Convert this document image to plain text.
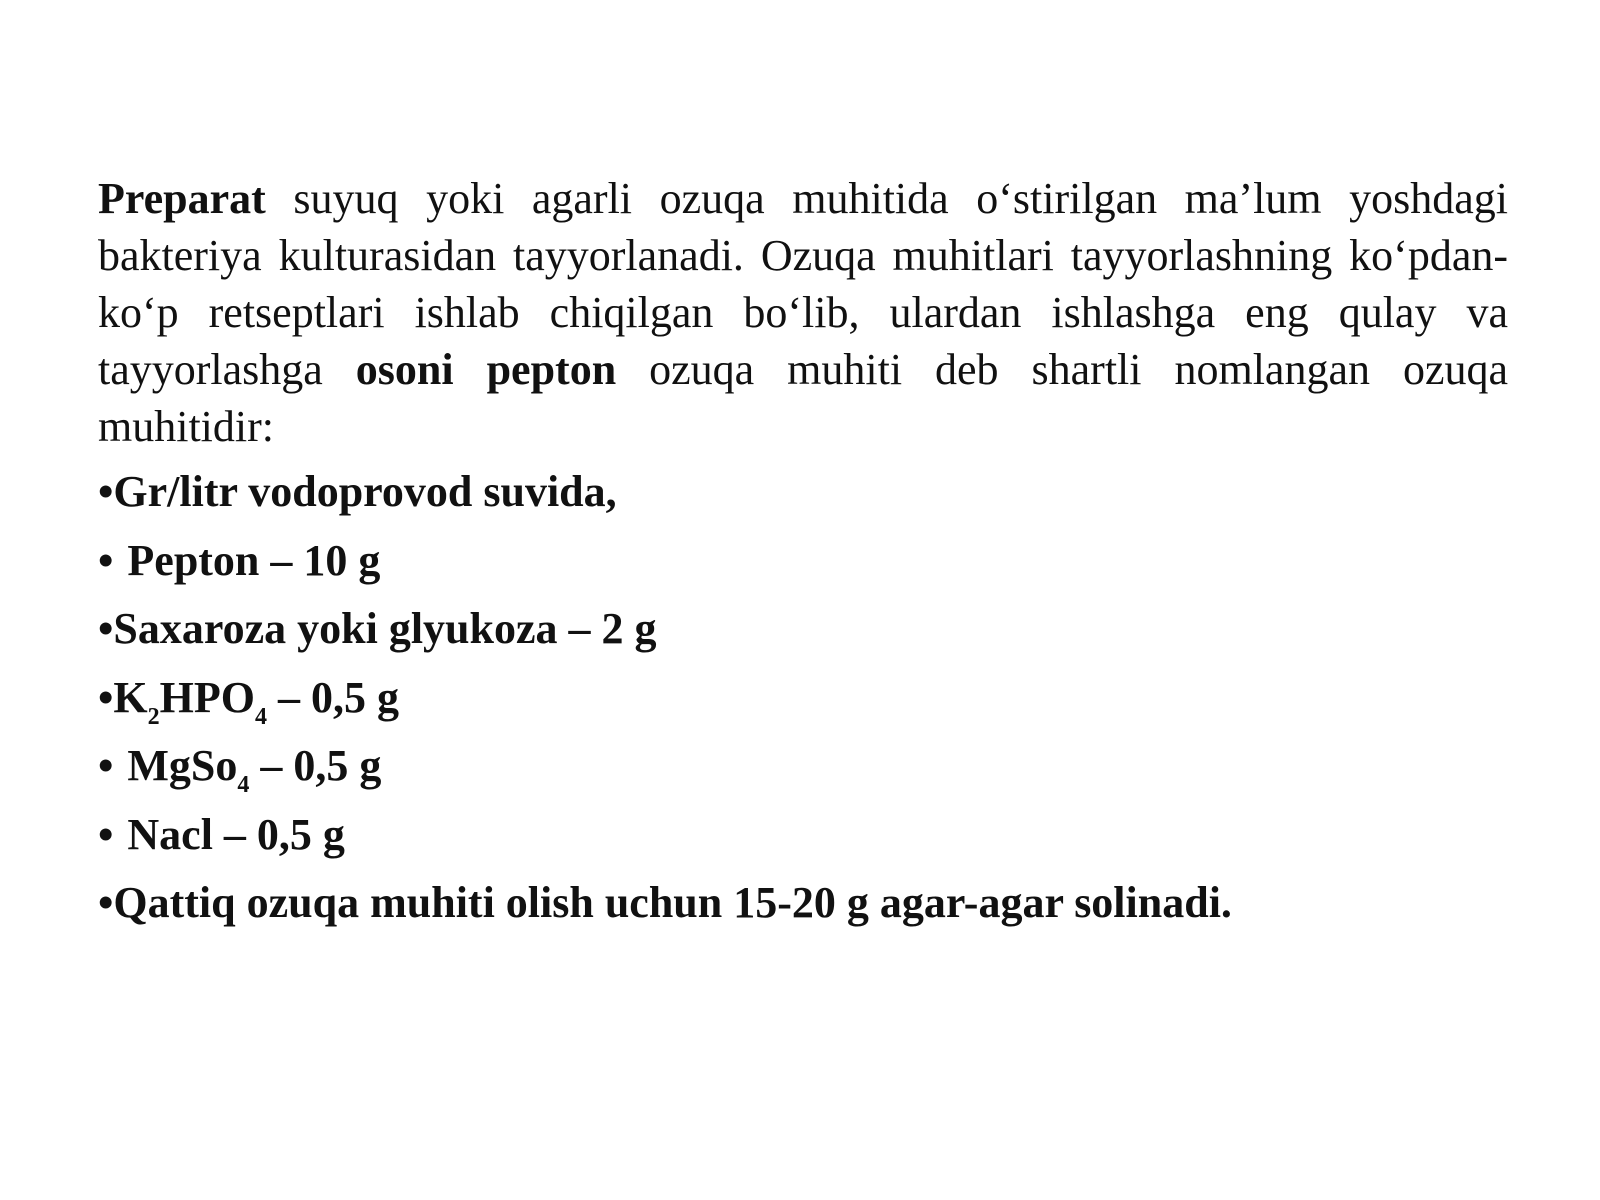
Preparat suyuq yoki agarli ozuqa muhitida o‘stirilgan ma’lum yoshdagi bakteriya kulturasidan tayyorlanadi. Ozuqa muhitlari tayyorlashning ko‘pdan-ko‘p retseptlari ishlab chiqilgan bo‘lib, ulardan ishlashga eng qulay va tayyorlashga osoni pepton ozuqa muhiti deb shartli nomlangan ozuqa muhitidir:

•Gr/litr vodoprovod suvida,
• Pepton – 10 g
•Saxaroza yoki glyukoza – 2 g
$•K_2HPO_4 - 0,5$ g
• MgSo$_4$ – 0,5 g
• Nacl – 0,5 g
•Qattiq ozuqa muhiti olish uchun 15-20 g agar-agar solinadi.
